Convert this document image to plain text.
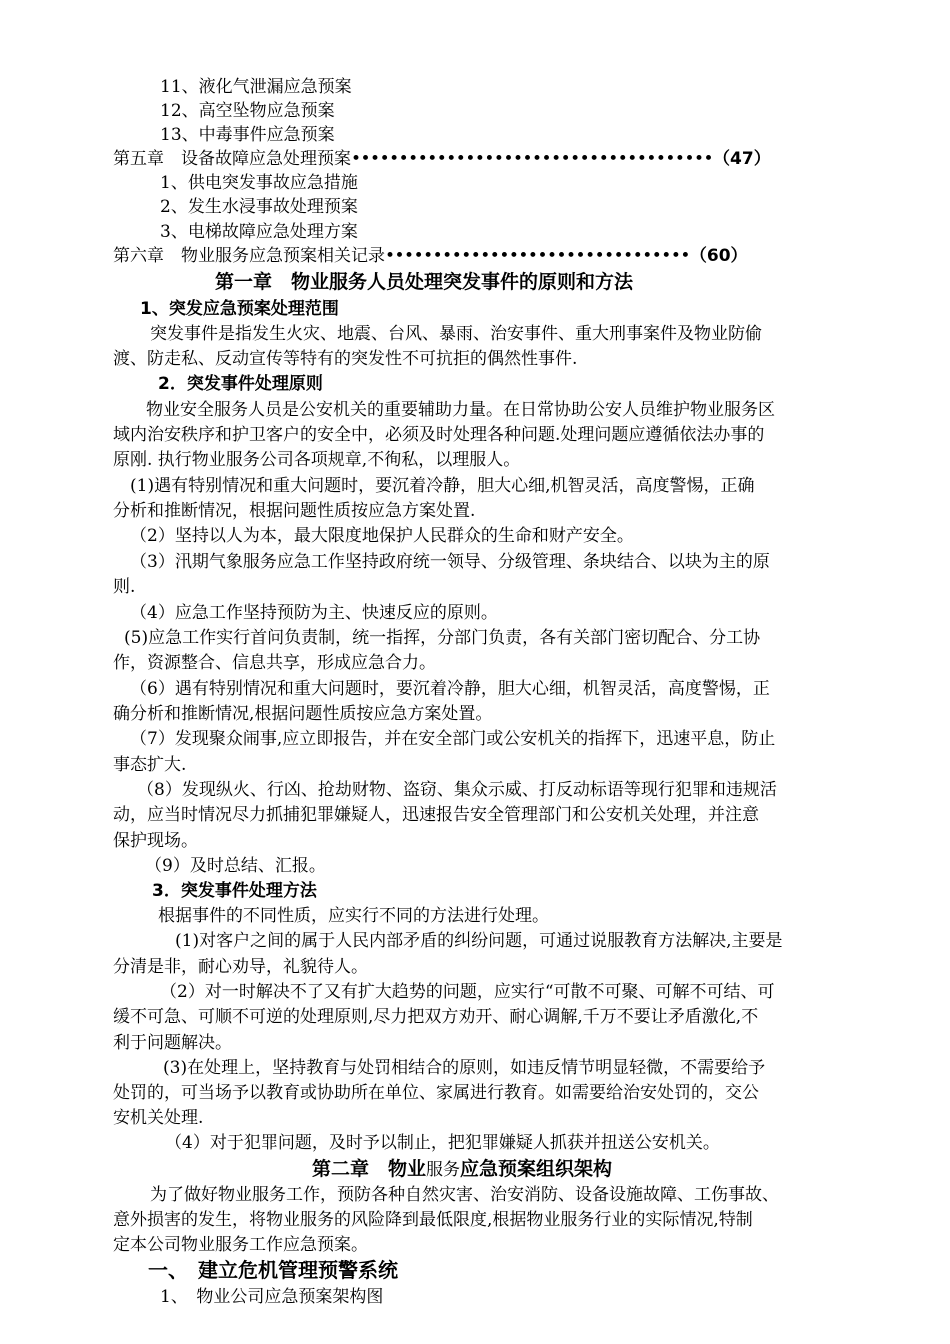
11、液化气泄漏应急预案
12、高空坠物应急预案
13、中毒事件应急预案
第五章　设备故障应急处理预案••••••••••••••••••••••••••••••••••••••（47）
1、供电突发事故应急措施
2、发生水浸事故处理预案
3、电梯故障应急处理方案
第六章　物业服务应急预案相关记录••••••••••••••••••••••••••••••••（60）
第一章　物业服务人员处理突发事件的原则和方法
1、突发应急预案处理范围
突发事件是指发生火灾、地震、台风、暴雨、治安事件、重大刑事案件及物业防偷
渡、防走私、反动宣传等特有的突发性不可抗拒的偶然性事件.
2．突发事件处理原则
物业安全服务人员是公安机关的重要辅助力量。在日常协助公安人员维护物业服务区
域内治安秩序和护卫客户的安全中，必须及时处理各种问题.处理问题应遵循依法办事的
原刚. 执行物业服务公司各项规章,不徇私，以理服人。
(1)遇有特别情况和重大问题时，要沉着冷静，胆大心细,机智灵活，高度警惕，正确
分析和推断情况，根据问题性质按应急方案处置.
（2）坚持以人为本，最大限度地保护人民群众的生命和财产安全。
（3）汛期气象服务应急工作坚持政府统一领导、分级管理、条块结合、以块为主的原
则.
（4）应急工作坚持预防为主、快速反应的原则。
(5)应急工作实行首问负责制，统一指挥，分部门负责，各有关部门密切配合、分工协
作，资源整合、信息共享，形成应急合力。
（6）遇有特别情况和重大问题时，要沉着冷静，胆大心细，机智灵活，高度警惕，正
确分析和推断情况,根据问题性质按应急方案处置。
（7）发现聚众闹事,应立即报告，并在安全部门或公安机关的指挥下，迅速平息，防止
事态扩大.
（8）发现纵火、行凶、抢劫财物、盗窃、集众示威、打反动标语等现行犯罪和违规活
动，应当时情况尽力抓捕犯罪嫌疑人，迅速报告安全管理部门和公安机关处理，并注意
保护现场。
（9）及时总结、汇报。
3．突发事件处理方法
根据事件的不同性质，应实行不同的方法进行处理。
(1)对客户之间的属于人民内部矛盾的纠纷问题，可通过说服教育方法解决,主要是
分清是非，耐心劝导，礼貌待人。
（2）对一时解决不了又有扩大趋势的问题，应实行“可散不可聚、可解不可结、可
缓不可急、可顺不可逆的处理原则,尽力把双方劝开、耐心调解,千万不要让矛盾激化,不
利于问题解决。
(3)在处理上，坚持教育与处罚相结合的原则，如违反情节明显轻微，不需要给予
处罚的，可当场予以教育或协助所在单位、家属进行教育。如需要给治安处罚的，交公
安机关处理.
（4）对于犯罪问题，及时予以制止，把犯罪嫌疑人抓获并扭送公安机关。
第二章　物业服务应急预案组织架构
为了做好物业服务工作，预防各种自然灾害、治安消防、设备设施故障、工伤事故、
意外损害的发生，将物业服务的风险降到最低限度,根据物业服务行业的实际情况,特制
定本公司物业服务工作应急预案。
一、　建立危机管理预警系统
1、　物业公司应急预案架构图
